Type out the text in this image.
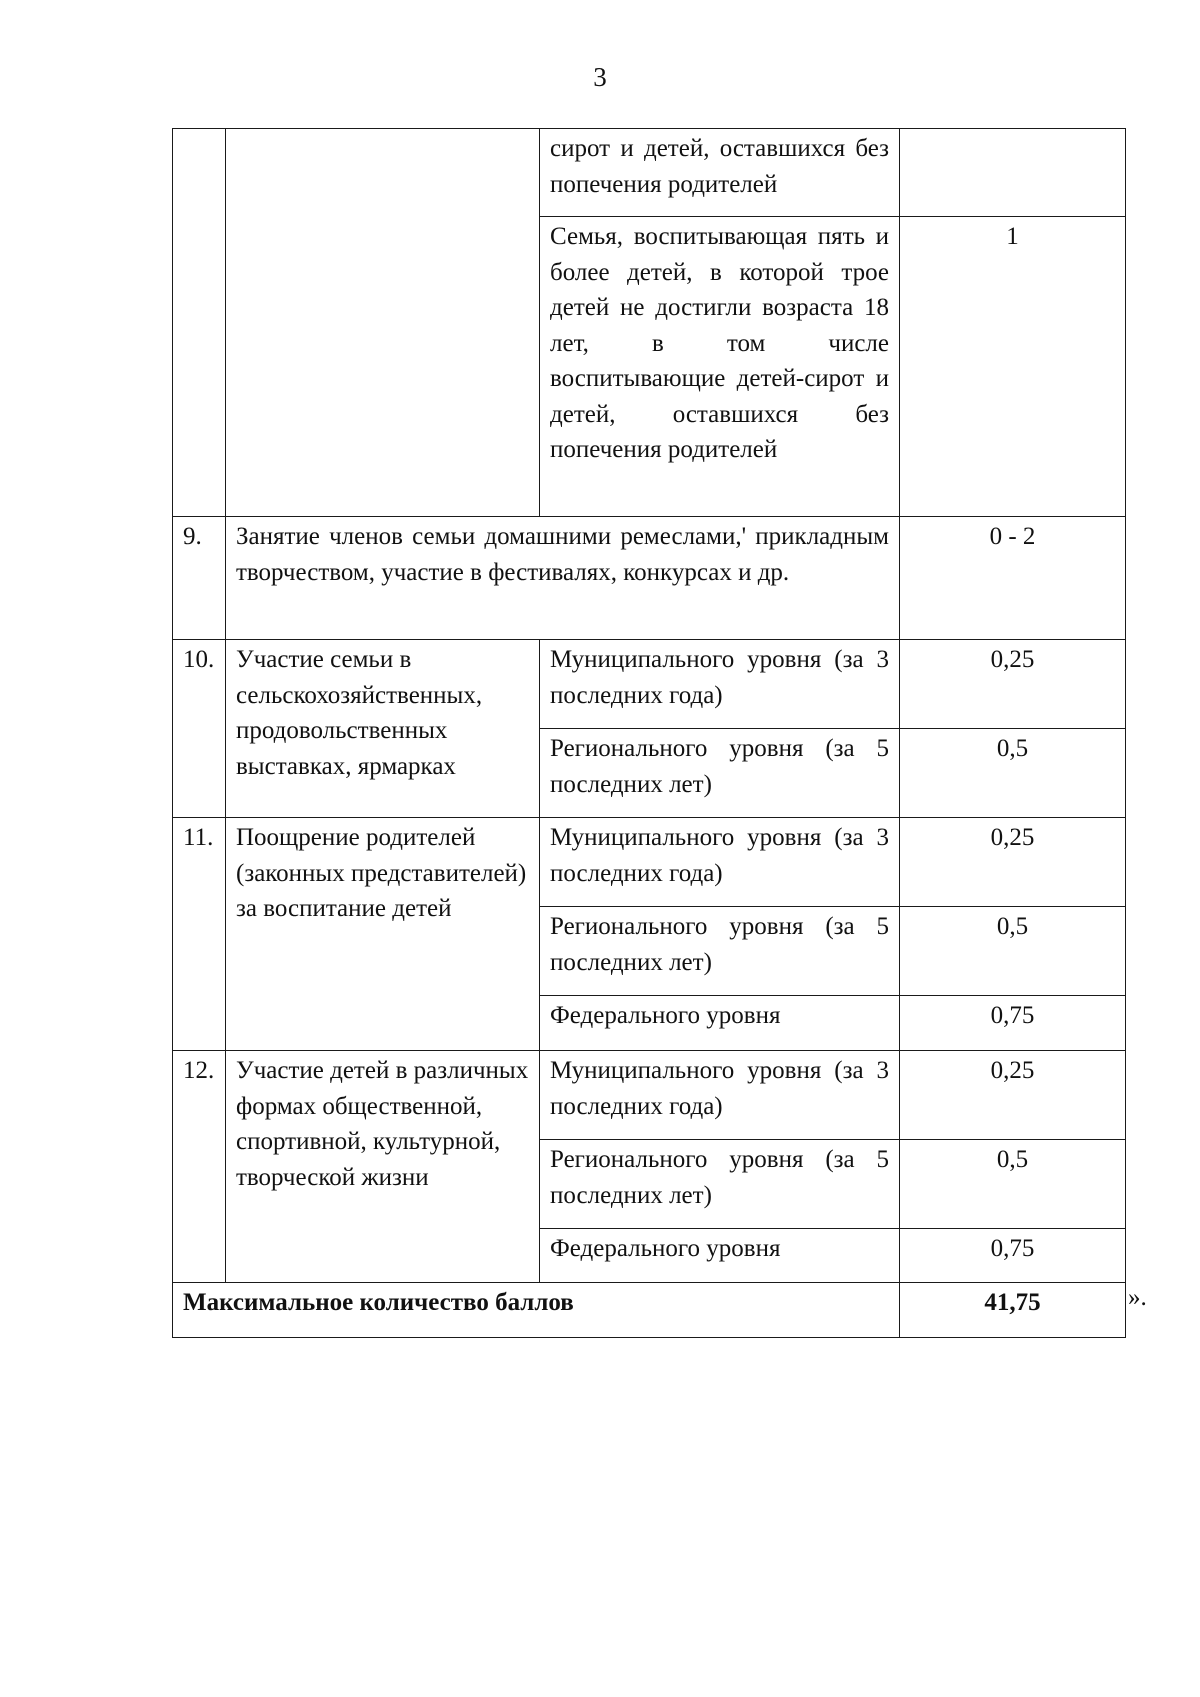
3
		сирот и детей, оставшихся без попечения родителей	
		Семья, воспитывающая пять и более детей, в которой трое детей не достигли возраста 18 лет, в том числе воспитывающие детей-сирот и детей, оставшихся без попечения родителей	1
9.	Занятие членов семьи домашними ремеслами,' прикладным творчеством, участие в фестивалях, конкурсах и др.		0 - 2
10.	Участие семьи в сельскохозяйственных, продовольственных выставках, ярмарках	Муниципального уровня (за 3 последних года)	0,25
		Регионального уровня (за 5 последних лет)	0,5
11.	Поощрение родителей (законных представителей) за воспитание детей	Муниципального уровня (за 3 последних года)	0,25
		Регионального уровня (за 5 последних лет)	0,5
		Федерального уровня	0,75
12.	Участие детей в различных формах общественной, спортивной, культурной, творческой жизни	Муниципального уровня (за 3 последних года)	0,25
		Регионального уровня (за 5 последних лет)	0,5
		Федерального уровня	0,75
Максимальное количество баллов			41,75	».
